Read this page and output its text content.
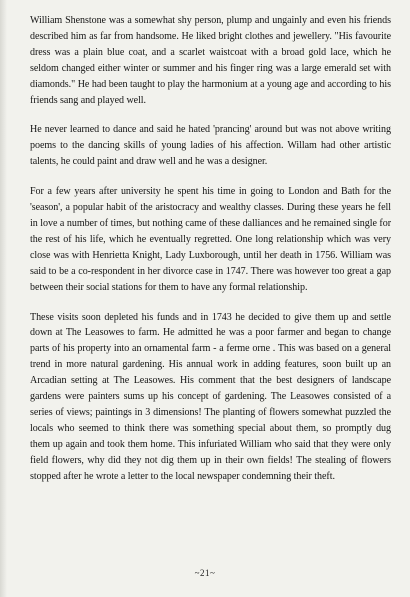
William Shenstone was a somewhat shy person, plump and ungainly and even his friends described him as far from handsome. He liked bright clothes and jewellery. "His favourite dress was a plain blue coat, and a scarlet waistcoat with a broad gold lace, which he seldom changed either winter or summer and his finger ring was a large emerald set with diamonds." He had been taught to play the harmonium at a young age and according to his friends sang and played well.

He never learned to dance and said he hated 'prancing' around but was not above writing poems to the dancing skills of young ladies of his affection. Willam had other artistic talents, he could paint and draw well and he was a designer.

For a few years after university he spent his time in going to London and Bath for the 'season', a popular habit of the aristocracy and wealthy classes. During these years he fell in love a number of times, but nothing came of these dalliances and he remained single for the rest of his life, which he eventually regretted. One long relationship which was very close was with Henrietta Knight, Lady Luxborough, until her death in 1756. William was said to be a co-respondent in her divorce case in 1747. There was however too great a gap between their social stations for them to have any formal relationship.

These visits soon depleted his funds and in 1743 he decided to give them up and settle down at The Leasowes to farm. He admitted he was a poor farmer and began to change parts of his property into an ornamental farm - a ferme orne . This was based on a general trend in more natural gardening. His annual work in adding features, soon built up an Arcadian setting at The Leasowes. His comment that the best designers of landscape gardens were painters sums up his concept of gardening. The Leasowes consisted of a series of views; paintings in 3 dimensions! The planting of flowers somewhat puzzled the locals who seemed to think there was something special about them, so promptly dug them up again and took them home. This infuriated William who said that they were only field flowers, why did they not dig them up in their own fields! The stealing of flowers stopped after he wrote a letter to the local newspaper condemning their theft.

~21~
